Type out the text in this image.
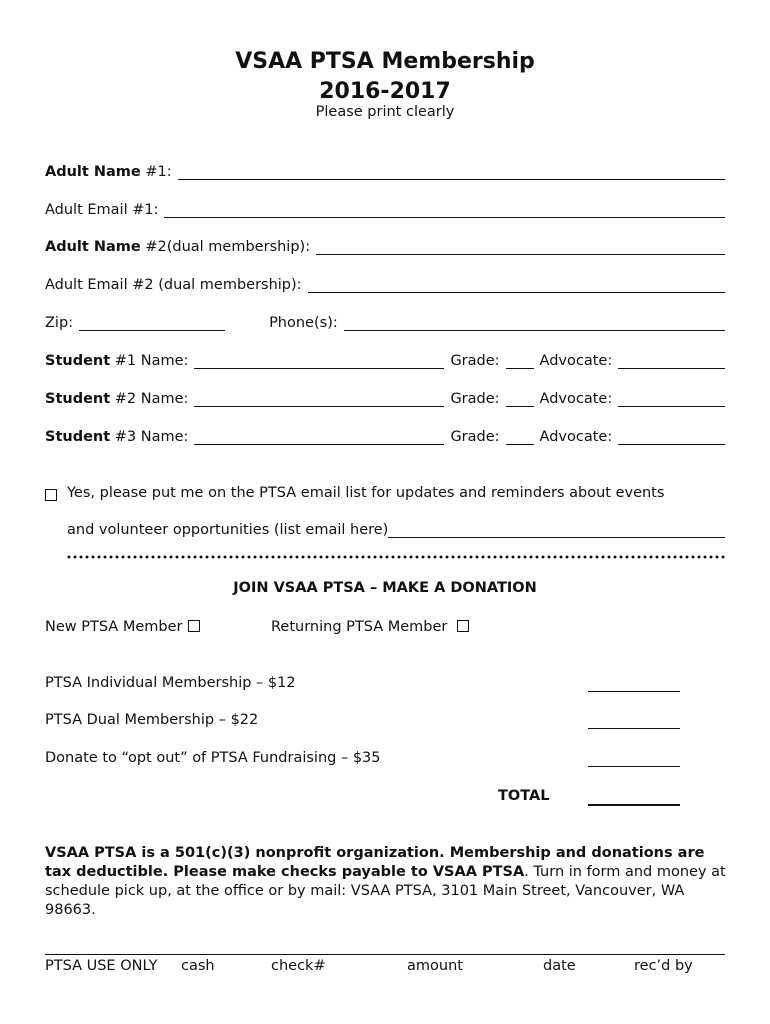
VSAA PTSA Membership
2016-2017
Please print clearly
Adult Name #1:
Adult Email #1:
Adult Name #2(dual membership):
Adult Email #2 (dual membership):
Zip:	Phone(s):
Student #1 Name:	Grade:	Advocate:
Student #2 Name:	Grade:	Advocate:
Student #3 Name:	Grade:	Advocate:
Yes, please put me on the PTSA email list for updates and reminders about events
and volunteer opportunities (list email here)
JOIN VSAA PTSA – MAKE A DONATION
New PTSA Member	Returning PTSA Member
PTSA Individual Membership – $12
PTSA Dual Membership – $22
Donate to “opt out” of PTSA Fundraising – $35
TOTAL
VSAA PTSA is a 501(c)(3) nonprofit organization. Membership and donations are tax deductible. Please make checks payable to VSAA PTSA. Turn in form and money at schedule pick up, at the office or by mail: VSAA PTSA, 3101 Main Street, Vancouver, WA 98663.
PTSA USE ONLY cash	check#	amount	date	rec’d by
